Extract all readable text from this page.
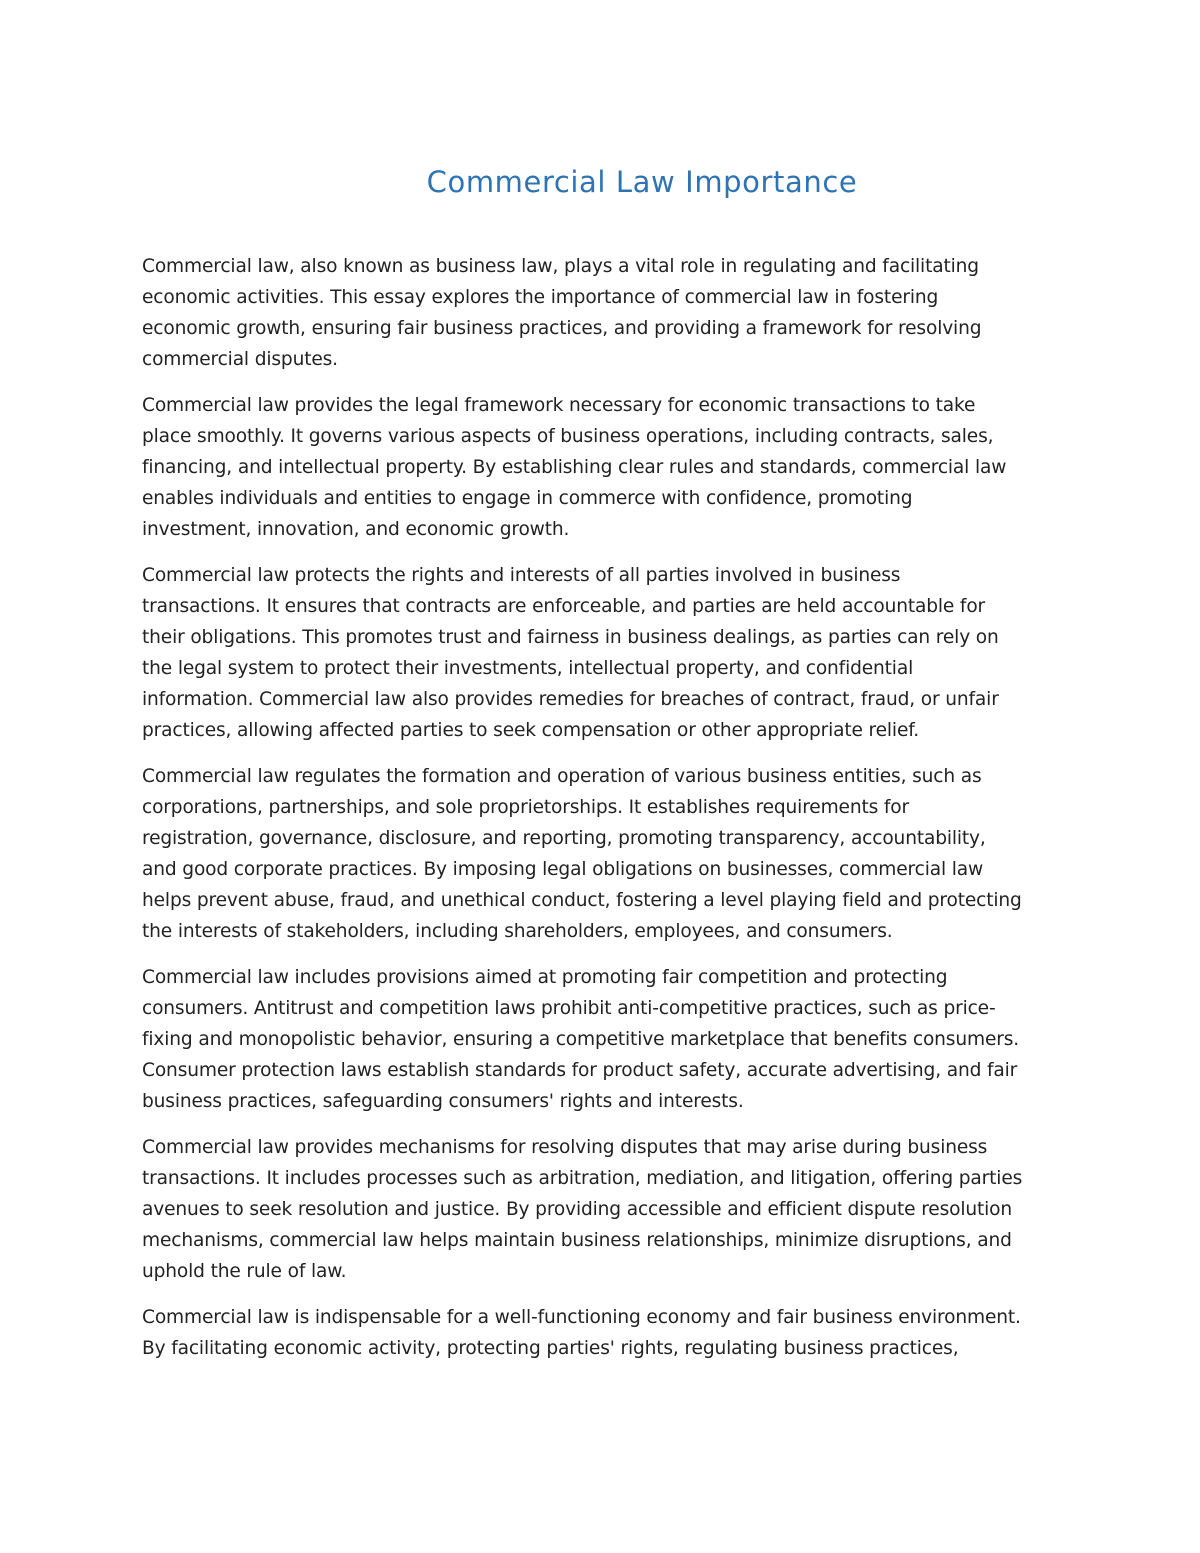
Commercial Law Importance

Commercial law, also known as business law, plays a vital role in regulating and facilitating
economic activities. This essay explores the importance of commercial law in fostering
economic growth, ensuring fair business practices, and providing a framework for resolving
commercial disputes.

Commercial law provides the legal framework necessary for economic transactions to take
place smoothly. It governs various aspects of business operations, including contracts, sales,
financing, and intellectual property. By establishing clear rules and standards, commercial law
enables individuals and entities to engage in commerce with confidence, promoting
investment, innovation, and economic growth.

Commercial law protects the rights and interests of all parties involved in business
transactions. It ensures that contracts are enforceable, and parties are held accountable for
their obligations. This promotes trust and fairness in business dealings, as parties can rely on
the legal system to protect their investments, intellectual property, and confidential
information. Commercial law also provides remedies for breaches of contract, fraud, or unfair
practices, allowing affected parties to seek compensation or other appropriate relief.

Commercial law regulates the formation and operation of various business entities, such as
corporations, partnerships, and sole proprietorships. It establishes requirements for
registration, governance, disclosure, and reporting, promoting transparency, accountability,
and good corporate practices. By imposing legal obligations on businesses, commercial law
helps prevent abuse, fraud, and unethical conduct, fostering a level playing field and protecting
the interests of stakeholders, including shareholders, employees, and consumers.

Commercial law includes provisions aimed at promoting fair competition and protecting
consumers. Antitrust and competition laws prohibit anti-competitive practices, such as price-
fixing and monopolistic behavior, ensuring a competitive marketplace that benefits consumers.
Consumer protection laws establish standards for product safety, accurate advertising, and fair
business practices, safeguarding consumers' rights and interests.

Commercial law provides mechanisms for resolving disputes that may arise during business
transactions. It includes processes such as arbitration, mediation, and litigation, offering parties
avenues to seek resolution and justice. By providing accessible and efficient dispute resolution
mechanisms, commercial law helps maintain business relationships, minimize disruptions, and
uphold the rule of law.

Commercial law is indispensable for a well-functioning economy and fair business environment.
By facilitating economic activity, protecting parties' rights, regulating business practices,
